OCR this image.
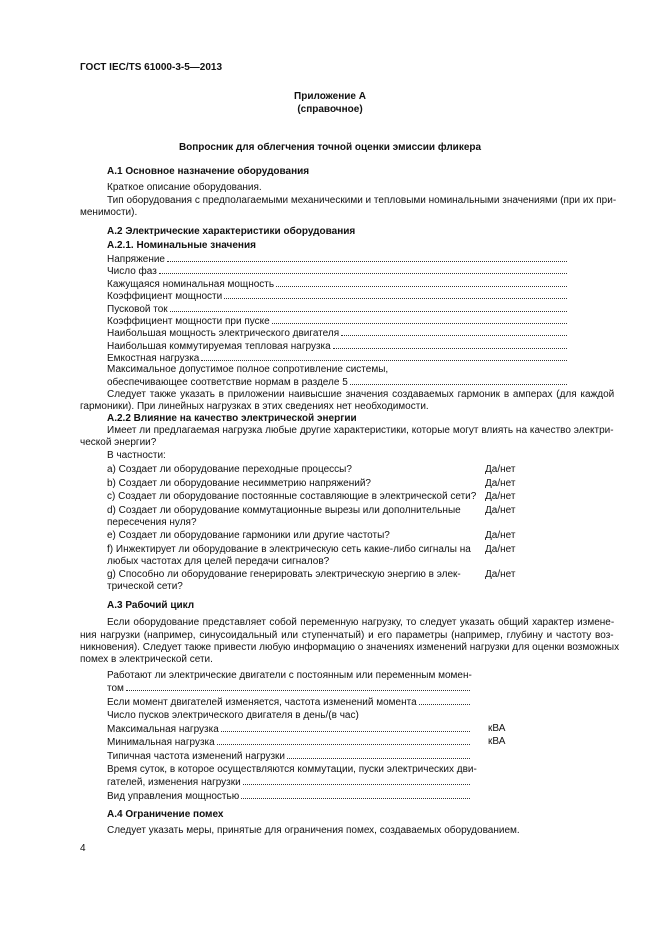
ГОСТ IEC/TS 61000-3-5—2013
Приложение А
(справочное)
Вопросник для облегчения точной оценки эмиссии фликера
А.1 Основное назначение оборудования
Краткое описание оборудования.
Тип оборудования с предполагаемыми механическими и тепловыми номинальными значениями (при их при-
менимости).
А.2 Электрические характеристики оборудования
А.2.1. Номинальные значения
Напряжение
Число фаз
Кажущаяся номинальная мощность
Коэффициент мощности
Пусковой ток
Коэффициент мощности при пуске
Наибольшая мощность электрического двигателя
Наибольшая коммутируемая тепловая нагрузка
Емкостная нагрузка
Максимальное допустимое полное сопротивление системы,
обеспечивающее соответствие нормам в разделе 5
Следует также указать в приложении наивысшие значения создаваемых гармоник в амперах (для каждой
гармоники). При линейных нагрузках в этих сведениях нет необходимости.
А.2.2 Влияние на качество электрической энергии
Имеет ли предлагаемая нагрузка любые другие характеристики, которые могут влиять на качество электри-
ческой энергии?
В частности:
А.3 Рабочий цикл
Если оборудование представляет собой переменную нагрузку, то следует указать общий характер измене-
ния нагрузки (например, синусоидальный или ступенчатый) и его параметры (например, глубину и частоту воз-
никновения). Следует также привести любую информацию о значениях изменений нагрузки для оценки возможных
помех в электрической сети.
Работают ли электрические двигатели с постоянным или переменным момен-
том
Если момент двигателей изменяется, частота изменений момента
Число пусков электрического двигателя в день/(в час)
Максимальная нагрузка	кВА
Минимальная нагрузка	кВА
Типичная частота изменений нагрузки
Время суток, в которое осуществляются коммутации, пуски электрических дви-
гателей, изменения нагрузки
Вид управления мощностью
А.4 Ограничение помех
Следует указать меры, принятые для ограничения помех, создаваемых оборудованием.
4
а) Создает ли оборудование переходные процессы?	Да/нет
b) Создает ли оборудование несимметрию напряжений?	Да/нет
с) Создает ли оборудование постоянные составляющие в электрической сети? Да/нет
d) Создает ли оборудование коммутационные вырезы или дополнительные	Да/нет
пересечения нуля?
е) Создает ли оборудование гармоники или другие частоты?	Да/нет
f) Инжектирует ли оборудование в электрическую сеть какие-либо сигналы на	Да/нет
любых частотах для целей передачи сигналов?
g) Способно ли оборудование генерировать электрическую энергию в элек-	Да/нет
трической сети?
